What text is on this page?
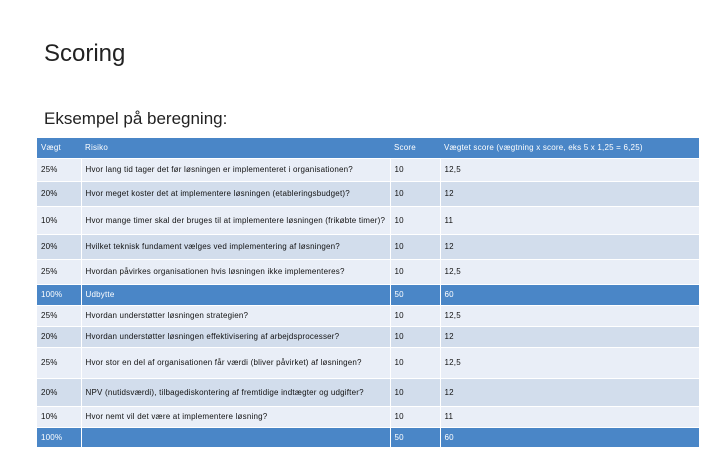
Scoring
Eksempel på beregning:
Vægt	Risiko	Score	Vægtet score (vægtning x score, eks 5 x 1,25 = 6,25)
25%	Hvor lang tid tager det før løsningen er implementeret i organisationen?	10	12,5
20%	Hvor meget koster det at implementere løsningen (etableringsbudget)?	10	12
10%	Hvor mange timer skal der bruges til at implementere løsningen (frikøbte timer)?	10	11
20%	Hvilket teknisk fundament vælges ved implementering af løsningen?	10	12
25%	Hvordan påvirkes organisationen hvis løsningen ikke implementeres?	10	12,5
100%	Udbytte	50	60
25%	Hvordan understøtter løsningen strategien?	10	12,5
20%	Hvordan understøtter løsningen effektivisering af arbejdsprocesser?	10	12
25%	Hvor stor en del af organisationen får værdi (bliver påvirket) af løsningen?	10	12,5
20%	NPV (nutidsværdi), tilbagediskontering af fremtidige indtægter og udgifter?	10	12
10%	Hvor nemt vil det være at implementere løsning?	10	11
100%		50	60
